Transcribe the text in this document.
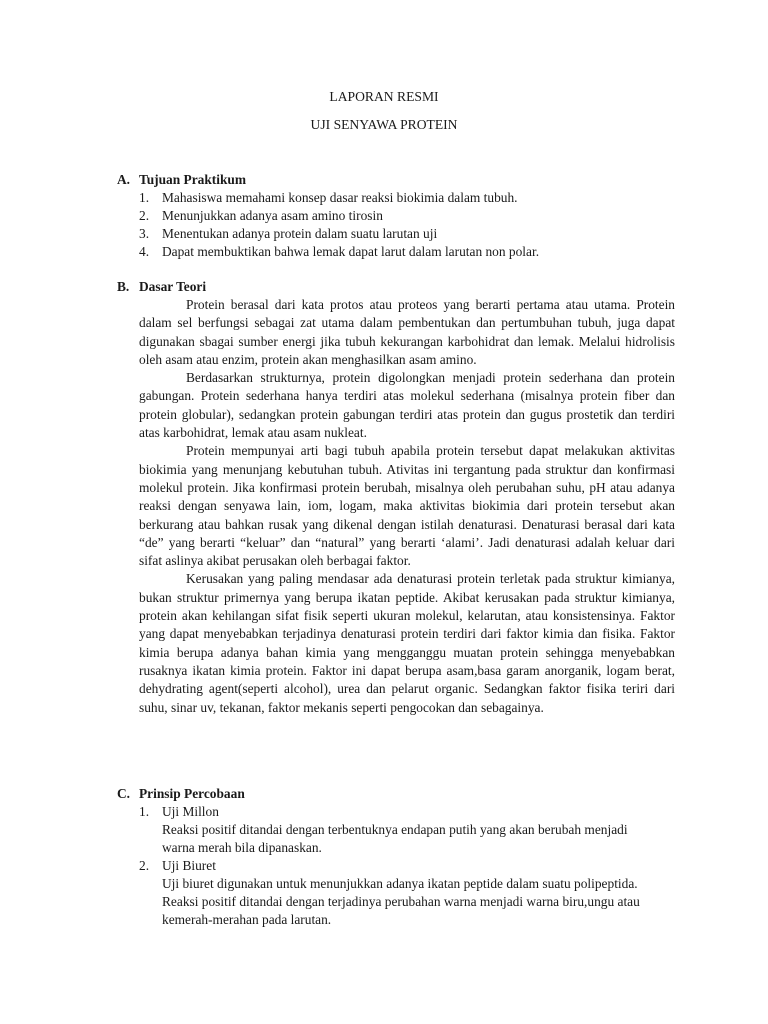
LAPORAN RESMI
UJI SENYAWA PROTEIN
A. Tujuan Praktikum
1. Mahasiswa memahami konsep dasar reaksi biokimia dalam tubuh.
2. Menunjukkan adanya asam amino tirosin
3. Menentukan adanya protein dalam suatu larutan uji
4. Dapat membuktikan bahwa lemak dapat larut dalam larutan non polar.
B. Dasar Teori

Protein berasal dari kata protos atau proteos yang berarti pertama atau utama. Protein dalam sel berfungsi sebagai zat utama dalam pembentukan dan pertumbuhan tubuh, juga dapat digunakan sbagai sumber energi jika tubuh kekurangan karbohidrat dan lemak. Melalui hidrolisis oleh asam atau enzim, protein akan menghasilkan asam amino.

Berdasarkan strukturnya, protein digolongkan menjadi protein sederhana dan protein gabungan. Protein sederhana hanya terdiri atas molekul sederhana (misalnya protein fiber dan protein globular), sedangkan protein gabungan terdiri atas protein dan gugus prostetik dan terdiri atas karbohidrat, lemak atau asam nukleat.

Protein mempunyai arti bagi tubuh apabila protein tersebut dapat melakukan aktivitas biokimia yang menunjang kebutuhan tubuh. Ativitas ini tergantung pada struktur dan konfirmasi molekul protein. Jika konfirmasi protein berubah, misalnya oleh perubahan suhu, pH atau adanya reaksi dengan senyawa lain, iom, logam, maka aktivitas biokimia dari protein tersebut akan berkurang atau bahkan rusak yang dikenal dengan istilah denaturasi. Denaturasi berasal dari kata “de” yang berarti “keluar” dan “natural” yang berarti ‘alami’. Jadi denaturasi adalah keluar dari sifat aslinya akibat perusakan oleh berbagai faktor.

Kerusakan yang paling mendasar ada denaturasi protein terletak pada struktur kimianya, bukan struktur primernya yang berupa ikatan peptide. Akibat kerusakan pada struktur kimianya, protein akan kehilangan sifat fisik seperti ukuran molekul, kelarutan, atau konsistensinya. Faktor yang dapat menyebabkan terjadinya denaturasi protein terdiri dari faktor kimia dan fisika. Faktor kimia berupa adanya bahan kimia yang mengganggu muatan protein sehingga menyebabkan rusaknya ikatan kimia protein. Faktor ini dapat berupa asam,basa garam anorganik, logam berat, dehydrating agent(seperti alcohol), urea dan pelarut organic. Sedangkan faktor fisika teriri dari suhu, sinar uv, tekanan, faktor mekanis seperti pengocokan dan sebagainya.

C. Prinsip Percobaan
1. Uji Millon
Reaksi positif ditandai dengan terbentuknya endapan putih yang akan berubah menjadi warna merah bila dipanaskan.
2. Uji Biuret
Uji biuret digunakan untuk menunjukkan adanya ikatan peptide dalam suatu polipeptida. Reaksi positif ditandai dengan terjadinya perubahan warna menjadi warna biru,ungu atau kemerah-merahan pada larutan.
